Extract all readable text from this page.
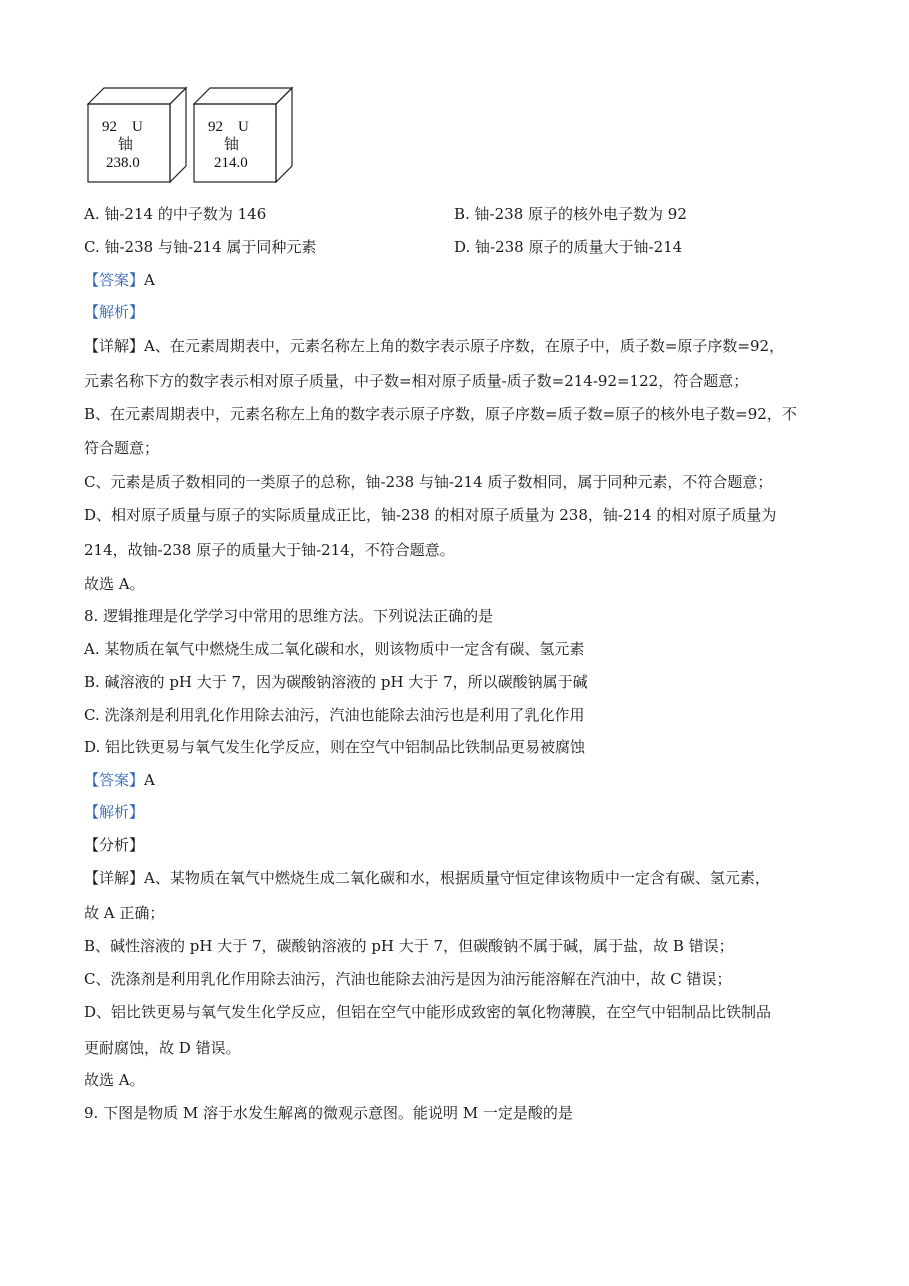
92 U
铀
238.0
92 U
铀
214.0
A. 铀-214 的中子数为 146	B. 铀-238 原子的核外电子数为 92
C. 铀-238 与铀-214 属于同种元素	D. 铀-238 原子的质量大于铀-214
【答案】A
【解析】
【详解】A、在元素周期表中，元素名称左上角的数字表示原子序数，在原子中，质子数=原子序数=92，
元素名称下方的数字表示相对原子质量，中子数=相对原子质量-质子数=214-92=122，符合题意；
B、在元素周期表中，元素名称左上角的数字表示原子序数，原子序数=质子数=原子的核外电子数=92，不
符合题意；
C、元素是质子数相同的一类原子的总称，铀-238 与铀-214 质子数相同，属于同种元素，不符合题意；
D、相对原子质量与原子的实际质量成正比，铀-238 的相对原子质量为 238，铀-214 的相对原子质量为
214，故铀-238 原子的质量大于铀-214，不符合题意。
故选 A。
8. 逻辑推理是化学学习中常用的思维方法。下列说法正确的是
A. 某物质在氧气中燃烧生成二氧化碳和水，则该物质中一定含有碳、氢元素
B. 碱溶液的 pH 大于 7，因为碳酸钠溶液的 pH 大于 7，所以碳酸钠属于碱
C. 洗涤剂是利用乳化作用除去油污，汽油也能除去油污也是利用了乳化作用
D. 铝比铁更易与氧气发生化学反应，则在空气中铝制品比铁制品更易被腐蚀
【答案】A
【解析】
【分析】
【详解】A、某物质在氧气中燃烧生成二氧化碳和水，根据质量守恒定律该物质中一定含有碳、氢元素，
故 A 正确；
B、碱性溶液的 pH 大于 7，碳酸钠溶液的 pH 大于 7，但碳酸钠不属于碱，属于盐，故 B 错误；
C、洗涤剂是利用乳化作用除去油污，汽油也能除去油污是因为油污能溶解在汽油中，故 C 错误；
D、铝比铁更易与氧气发生化学反应，但铝在空气中能形成致密的氧化物薄膜，在空气中铝制品比铁制品
更耐腐蚀，故 D 错误。
故选 A。
9. 下图是物质 M 溶于水发生解离的微观示意图。能说明 M 一定是酸的是
